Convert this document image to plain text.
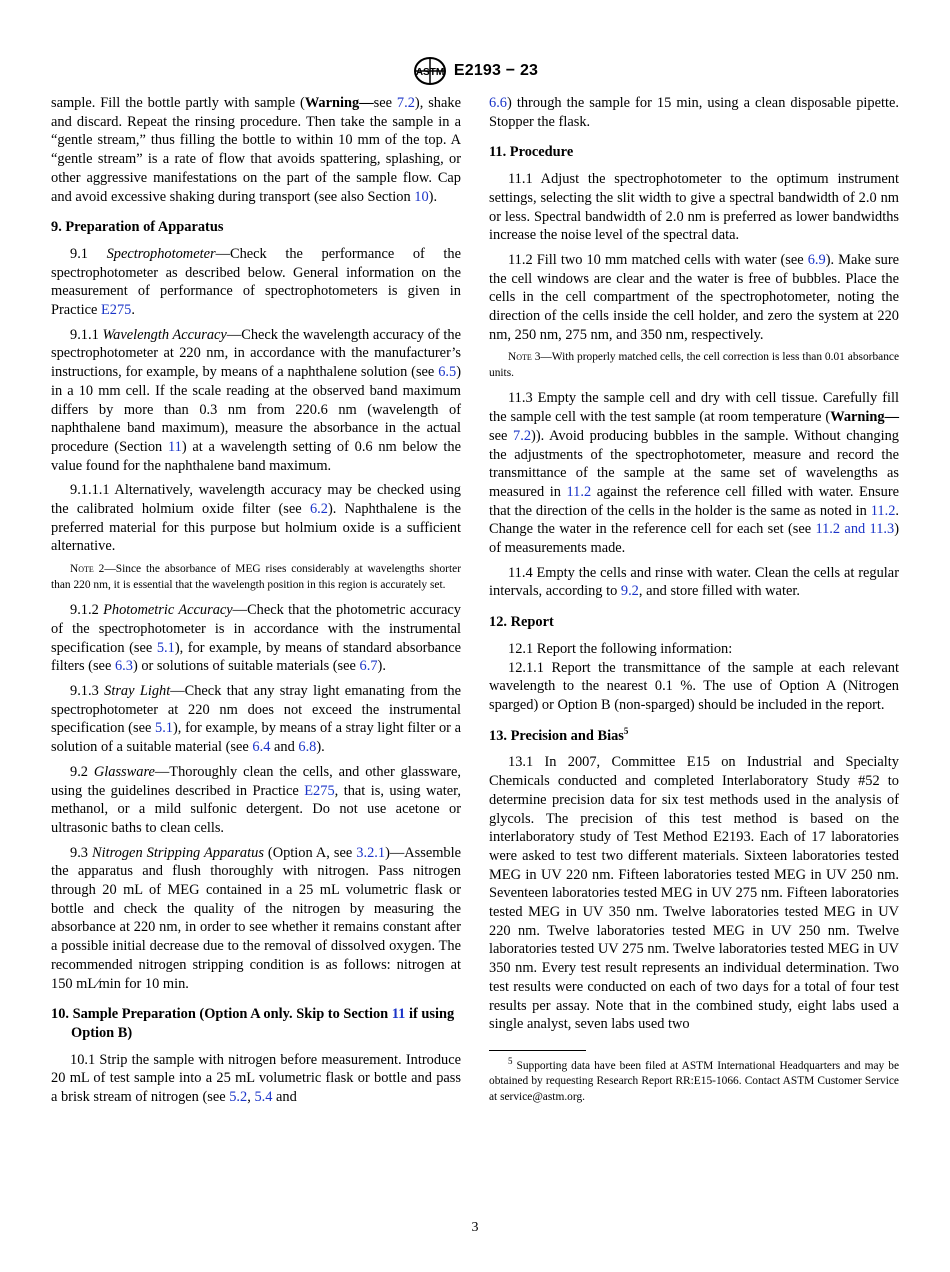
ASTM E2193 − 23

sample. Fill the bottle partly with sample (Warning—see 7.2), shake and discard. Repeat the rinsing procedure. Then take the sample in a “gentle stream,” thus filling the bottle to within 10 mm of the top. A “gentle stream” is a rate of flow that avoids spattering, splashing, or other aggressive manifestations on the part of the sample flow. Cap and avoid excessive shaking during transport (see also Section 10).

9. Preparation of Apparatus

9.1 Spectrophotometer—Check the performance of the spectrophotometer as described below. General information on the measurement of performance of spectrophotometers is given in Practice E275.

9.1.1 Wavelength Accuracy—Check the wavelength accuracy of the spectrophotometer at 220 nm, in accordance with the manufacturer’s instructions, for example, by means of a naphthalene solution (see 6.5) in a 10 mm cell. If the scale reading at the observed band maximum differs by more than 0.3 nm from 220.6 nm (wavelength of naphthalene band maximum), measure the absorbance in the actual procedure (Section 11) at a wavelength setting of 0.6 nm below the value found for the naphthalene band maximum.

9.1.1.1 Alternatively, wavelength accuracy may be checked using the calibrated holmium oxide filter (see 6.2). Naphthalene is the preferred material for this purpose but holmium oxide is a sufficient alternative.

Note 2—Since the absorbance of MEG rises considerably at wavelengths shorter than 220 nm, it is essential that the wavelength position in this region is accurately set.

9.1.2 Photometric Accuracy—Check that the photometric accuracy of the spectrophotometer is in accordance with the instrumental specification (see 5.1), for example, by means of standard absorbance filters (see 6.3) or solutions of suitable materials (see 6.7).

9.1.3 Stray Light—Check that any stray light emanating from the spectrophotometer at 220 nm does not exceed the instrumental specification (see 5.1), for example, by means of a stray light filter or a solution of a suitable material (see 6.4 and 6.8).

9.2 Glassware—Thoroughly clean the cells, and other glassware, using the guidelines described in Practice E275, that is, using water, methanol, or a mild sulfonic detergent. Do not use acetone or ultrasonic baths to clean cells.

9.3 Nitrogen Stripping Apparatus (Option A, see 3.2.1)—Assemble the apparatus and flush thoroughly with nitrogen. Pass nitrogen through 20 mL of MEG contained in a 25 mL volumetric flask or bottle and check the quality of the nitrogen by measuring the absorbance at 220 nm, in order to see whether it remains constant after a possible initial decrease due to the removal of dissolved oxygen. The recommended nitrogen stripping condition is as follows: nitrogen at 150 mL⁄min for 10 min.

10. Sample Preparation (Option A only. Skip to Section 11 if using Option B)

10.1 Strip the sample with nitrogen before measurement. Introduce 20 mL of test sample into a 25 mL volumetric flask or bottle and pass a brisk stream of nitrogen (see 5.2, 5.4 and

6.6) through the sample for 15 min, using a clean disposable pipette. Stopper the flask.

11. Procedure

11.1 Adjust the spectrophotometer to the optimum instrument settings, selecting the slit width to give a spectral bandwidth of 2.0 nm or less. Spectral bandwidth of 2.0 nm is preferred as lower bandwidths increase the noise level of the spectral data.

11.2 Fill two 10 mm matched cells with water (see 6.9). Make sure the cell windows are clear and the water is free of bubbles. Place the cells in the cell compartment of the spectrophotometer, noting the direction of the cells inside the cell holder, and zero the system at 220 nm, 250 nm, 275 nm, and 350 nm, respectively.

Note 3—With properly matched cells, the cell correction is less than 0.01 absorbance units.

11.3 Empty the sample cell and dry with cell tissue. Carefully fill the sample cell with the test sample (at room temperature (Warning—see 7.2)). Avoid producing bubbles in the sample. Without changing the adjustments of the spectrophotometer, measure and record the transmittance of the sample at the same set of wavelengths as measured in 11.2 against the reference cell filled with water. Ensure that the direction of the cells in the holder is the same as noted in 11.2. Change the water in the reference cell for each set (see 11.2 and 11.3) of measurements made.

11.4 Empty the cells and rinse with water. Clean the cells at regular intervals, according to 9.2, and store filled with water.

12. Report

12.1 Report the following information:

12.1.1 Report the transmittance of the sample at each relevant wavelength to the nearest 0.1 %. The use of Option A (Nitrogen sparged) or Option B (non-sparged) should be included in the report.

13. Precision and Bias$^5$

13.1 In 2007, Committee E15 on Industrial and Specialty Chemicals conducted and completed Interlaboratory Study #52 to determine precision data for six test methods used in the analysis of glycols. The precision of this test method is based on the interlaboratory study of Test Method E2193. Each of 17 laboratories were asked to test two different materials. Sixteen laboratories tested MEG in UV 220 nm. Fifteen laboratories tested MEG in UV 250 nm. Seventeen laboratories tested MEG in UV 275 nm. Fifteen laboratories tested MEG in UV 350 nm. Twelve laboratories tested MEG in UV 220 nm. Twelve laboratories tested MEG in UV 250 nm. Twelve laboratories tested UV 275 nm. Twelve laboratories tested MEG in UV 350 nm. Every test result represents an individual determination. Two test results were conducted on each of two days for a total of four test results per assay. Note that in the combined study, eight labs used a single analyst, seven labs used two

$^5$ Supporting data have been filed at ASTM International Headquarters and may be obtained by requesting Research Report RR:E15-1066. Contact ASTM Customer Service at service@astm.org.

3
